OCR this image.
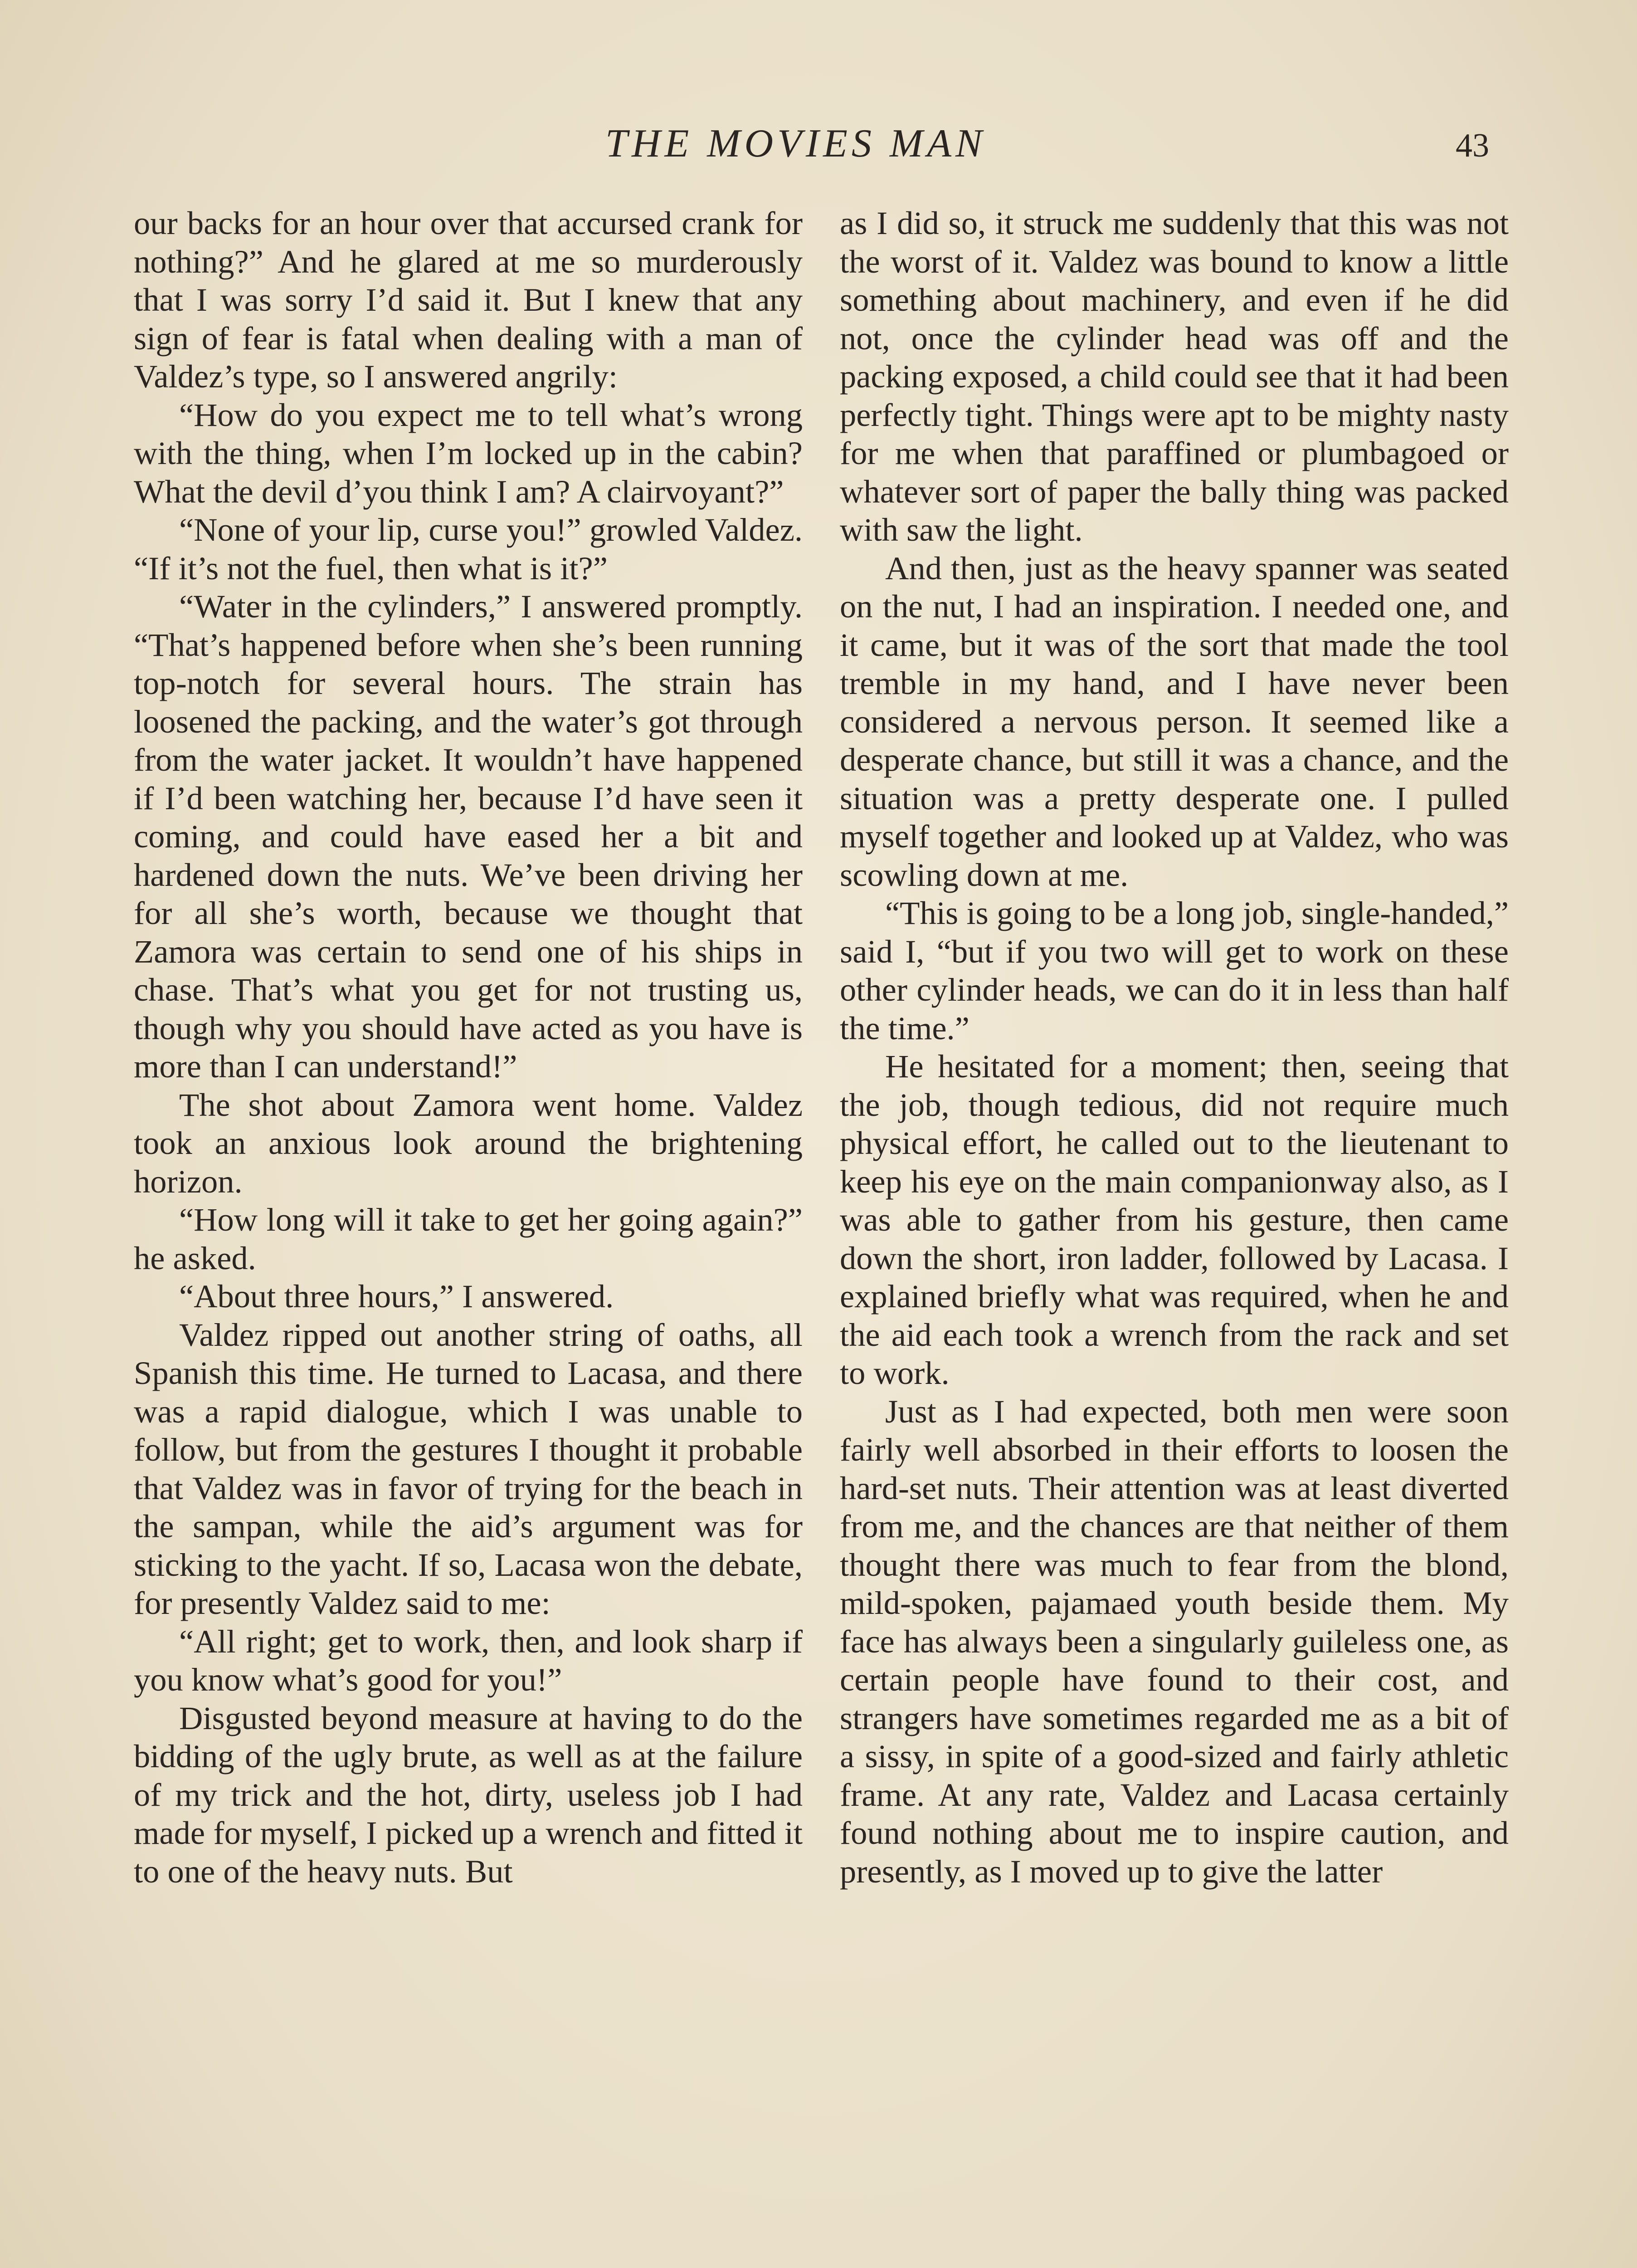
THE MOVIES MAN	43

our backs for an hour over that accursed crank for nothing?” And he glared at me so murderously that I was sorry I’d said it. But I knew that any sign of fear is fatal when dealing with a man of Valdez’s type, so I answered angrily:

“How do you expect me to tell what’s wrong with the thing, when I’m locked up in the cabin? What the devil d’you think I am? A clairvoyant?”

“None of your lip, curse you!” growled Valdez. “If it’s not the fuel, then what is it?”

“Water in the cylinders,” I answered promptly. “That’s happened before when she’s been running top-notch for several hours. The strain has loosened the packing, and the water’s got through from the water jacket. It wouldn’t have happened if I’d been watching her, because I’d have seen it coming, and could have eased her a bit and hardened down the nuts. We’ve been driving her for all she’s worth, because we thought that Zamora was certain to send one of his ships in chase. That’s what you get for not trusting us, though why you should have acted as you have is more than I can understand!”

The shot about Zamora went home. Valdez took an anxious look around the brightening horizon.

“How long will it take to get her going again?” he asked.

“About three hours,” I answered.

Valdez ripped out another string of oaths, all Spanish this time. He turned to Lacasa, and there was a rapid dialogue, which I was unable to follow, but from the gestures I thought it probable that Valdez was in favor of trying for the beach in the sampan, while the aid’s argument was for sticking to the yacht. If so, Lacasa won the debate, for presently Valdez said to me:

“All right; get to work, then, and look sharp if you know what’s good for you!”

Disgusted beyond measure at having to do the bidding of the ugly brute, as well as at the failure of my trick and the hot, dirty, useless job I had made for myself, I picked up a wrench and fitted it to one of the heavy nuts. But

as I did so, it struck me suddenly that this was not the worst of it. Valdez was bound to know a little something about machinery, and even if he did not, once the cylinder head was off and the packing exposed, a child could see that it had been perfectly tight. Things were apt to be mighty nasty for me when that paraffined or plumbagoed or whatever sort of paper the bally thing was packed with saw the light.

And then, just as the heavy spanner was seated on the nut, I had an inspiration. I needed one, and it came, but it was of the sort that made the tool tremble in my hand, and I have never been considered a nervous person. It seemed like a desperate chance, but still it was a chance, and the situation was a pretty desperate one. I pulled myself together and looked up at Valdez, who was scowling down at me.

“This is going to be a long job, single-handed,” said I, “but if you two will get to work on these other cylinder heads, we can do it in less than half the time.”

He hesitated for a moment; then, seeing that the job, though tedious, did not require much physical effort, he called out to the lieutenant to keep his eye on the main companionway also, as I was able to gather from his gesture, then came down the short, iron ladder, followed by Lacasa. I explained briefly what was required, when he and the aid each took a wrench from the rack and set to work.

Just as I had expected, both men were soon fairly well absorbed in their efforts to loosen the hard-set nuts. Their attention was at least diverted from me, and the chances are that neither of them thought there was much to fear from the blond, mild-spoken, pajamaed youth beside them. My face has always been a singularly guileless one, as certain people have found to their cost, and strangers have sometimes regarded me as a bit of a sissy, in spite of a good-sized and fairly athletic frame. At any rate, Valdez and Lacasa certainly found nothing about me to inspire caution, and presently, as I moved up to give the latter
